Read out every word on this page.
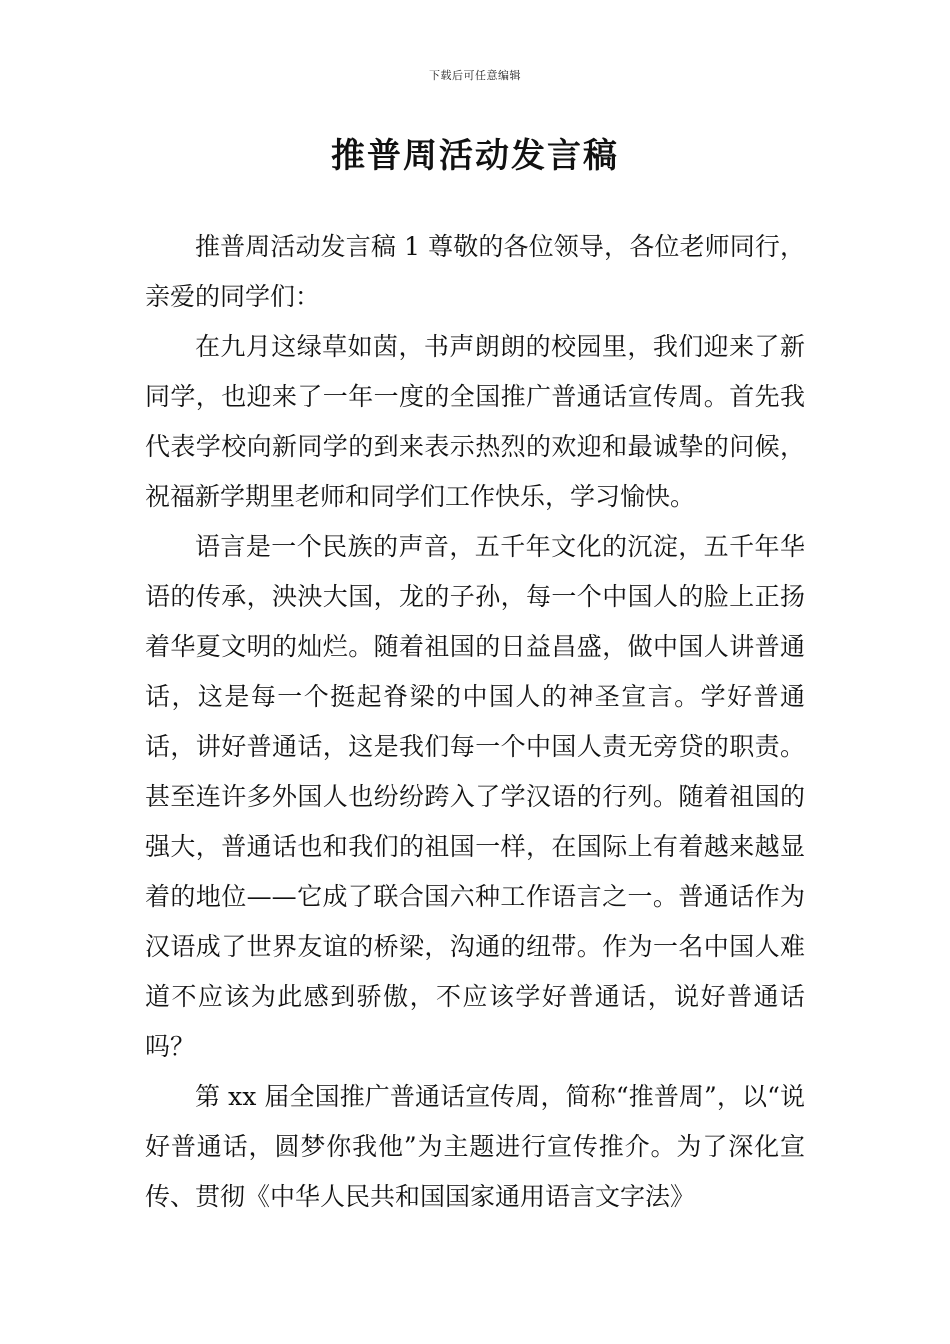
下载后可任意编辑
推普周活动发言稿

推普周活动发言稿 1 尊敬的各位领导，各位老师同行，亲爱的同学们：

在九月这绿草如茵，书声朗朗的校园里，我们迎来了新同学，也迎来了一年一度的全国推广普通话宣传周。首先我代表学校向新同学的到来表示热烈的欢迎和最诚挚的问候，祝福新学期里老师和同学们工作快乐，学习愉快。

语言是一个民族的声音，五千年文化的沉淀，五千年华语的传承，泱泱大国，龙的子孙，每一个中国人的脸上正扬着华夏文明的灿烂。随着祖国的日益昌盛，做中国人讲普通话，这是每一个挺起脊梁的中国人的神圣宣言。学好普通话，讲好普通话，这是我们每一个中国人责无旁贷的职责。甚至连许多外国人也纷纷跨入了学汉语的行列。随着祖国的强大，普通话也和我们的祖国一样，在国际上有着越来越显着的地位——它成了联合国六种工作语言之一。普通话作为汉语成了世界友谊的桥梁，沟通的纽带。作为一名中国人难道不应该为此感到骄傲，不应该学好普通话，说好普通话吗？

第 xx 届全国推广普通话宣传周，简称“推普周”，以“说好普通话，圆梦你我他”为主题进行宣传推介。为了深化宣传、贯彻《中华人民共和国国家通用语言文字法》
